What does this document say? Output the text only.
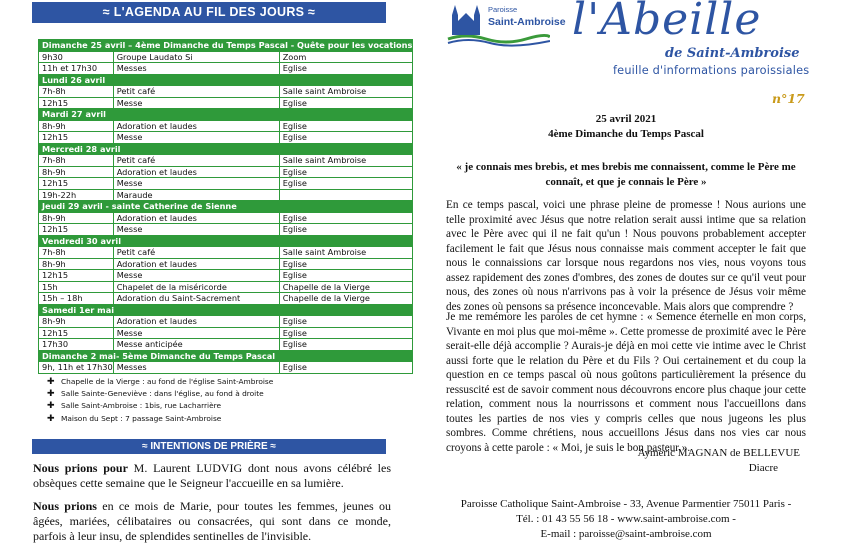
≈ L'AGENDA AU FIL DES JOURS ≈
Dimanche 25 avril – 4ème Dimanche du Temps Pascal - Quête pour les vocations		
9h30	Groupe Laudato Si	Zoom
11h et 17h30	Messes	Eglise
Lundi 26 avril		
7h-8h	Petit café	Salle saint Ambroise
12h15	Messe	Eglise
Mardi 27 avril		
8h-9h	Adoration et laudes	Eglise
12h15	Messe	Eglise
Mercredi 28 avril		
7h-8h	Petit café	Salle saint Ambroise
8h-9h	Adoration et laudes	Eglise
12h15	Messe	Eglise
19h-22h	Maraude	
Jeudi 29 avril - sainte Catherine de Sienne		
8h-9h	Adoration et laudes	Eglise
12h15	Messe	Eglise
Vendredi 30 avril		
7h-8h	Petit café	Salle saint Ambroise
8h-9h	Adoration et laudes	Eglise
12h15	Messe	Eglise
15h	Chapelet de la miséricorde	Chapelle de la Vierge
15h – 18h	Adoration du Saint-Sacrement	Chapelle de la Vierge
Samedi 1er mai		
8h-9h	Adoration et laudes	Eglise
12h15	Messe	Eglise
17h30	Messe anticipée	Eglise
Dimanche 2 mai- 5ème Dimanche du Temps Pascal		
9h, 11h et 17h30	Messes	Eglise
✚ Chapelle de la Vierge : au fond de l'église Saint-Ambroise
✚ Salle Sainte-Geneviève : dans l'église, au fond à droite
✚ Salle Saint-Ambroise : 1bis, rue Lacharrière
✚ Maison du Sept : 7 passage Saint-Ambroise
≈ INTENTIONS DE PRIÈRE ≈

Nous prions pour M. Laurent LUDVIG dont nous avons célébré les obsèques cette semaine que le Seigneur l'accueille en sa lumière.

Nous prions en ce mois de Marie, pour toutes les femmes, jeunes ou âgées, mariées, célibataires ou consacrées, qui sont dans ce monde, parfois à leur insu, de splendides sentinelles de l'invisible.

Paroisse
Saint-Ambroise l'Abeille
de Saint-Ambroise
feuille d'informations paroissiales
n°17
25 avril 2021
4ème Dimanche du Temps Pascal
« je connais mes brebis, et mes brebis me connaissent, comme le Père me connaît, et que je connais le Père »
En ce temps pascal, voici une phrase pleine de promesse ! Nous aurions une telle proximité avec Jésus que notre relation serait aussi intime que sa relation avec le Père avec qui il ne fait qu'un ! Nous pouvons probablement accepter facilement le fait que Jésus nous connaisse mais comment accepter le fait que nous le connaissions car lorsque nous regardons nos vies, nous voyons tous assez rapidement des zones d'ombres, des zones de doutes sur ce qu'il veut pour nous, des zones où nous n'arrivons pas à voir la présence de Jésus voir même des zones où pensons sa présence inconcevable. Mais alors que comprendre ?
Je me remémore les paroles de cet hymne : « Semence éternelle en mon corps, Vivante en moi plus que moi-même ». Cette promesse de proximité avec le Père serait-elle déjà accomplie ? Aurais-je déjà en moi cette vie intime avec le Christ aussi forte que le relation du Père et du Fils ? Oui certainement et du coup la question en ce temps pascal où nous goûtons particulièrement la présence du ressuscité est de savoir comment nous découvrons encore plus chaque jour cette relation, comment nous la nourrissons et comment nous l'accueillons dans toutes les parties de nos vies y compris celles que nous jugeons les plus sombres. Comme chrétiens, nous accueillons Jésus dans nos vies car nous croyons à cette parole : « Moi, je suis le bon pasteur ».
Aymeric MAGNAN de BELLEVUE
Diacre
Paroisse Catholique Saint-Ambroise - 33, Avenue Parmentier 75011 Paris -
Tél. : 01 43 55 56 18 - www.saint-ambroise.com -
E-mail : paroisse@saint-ambroise.com
